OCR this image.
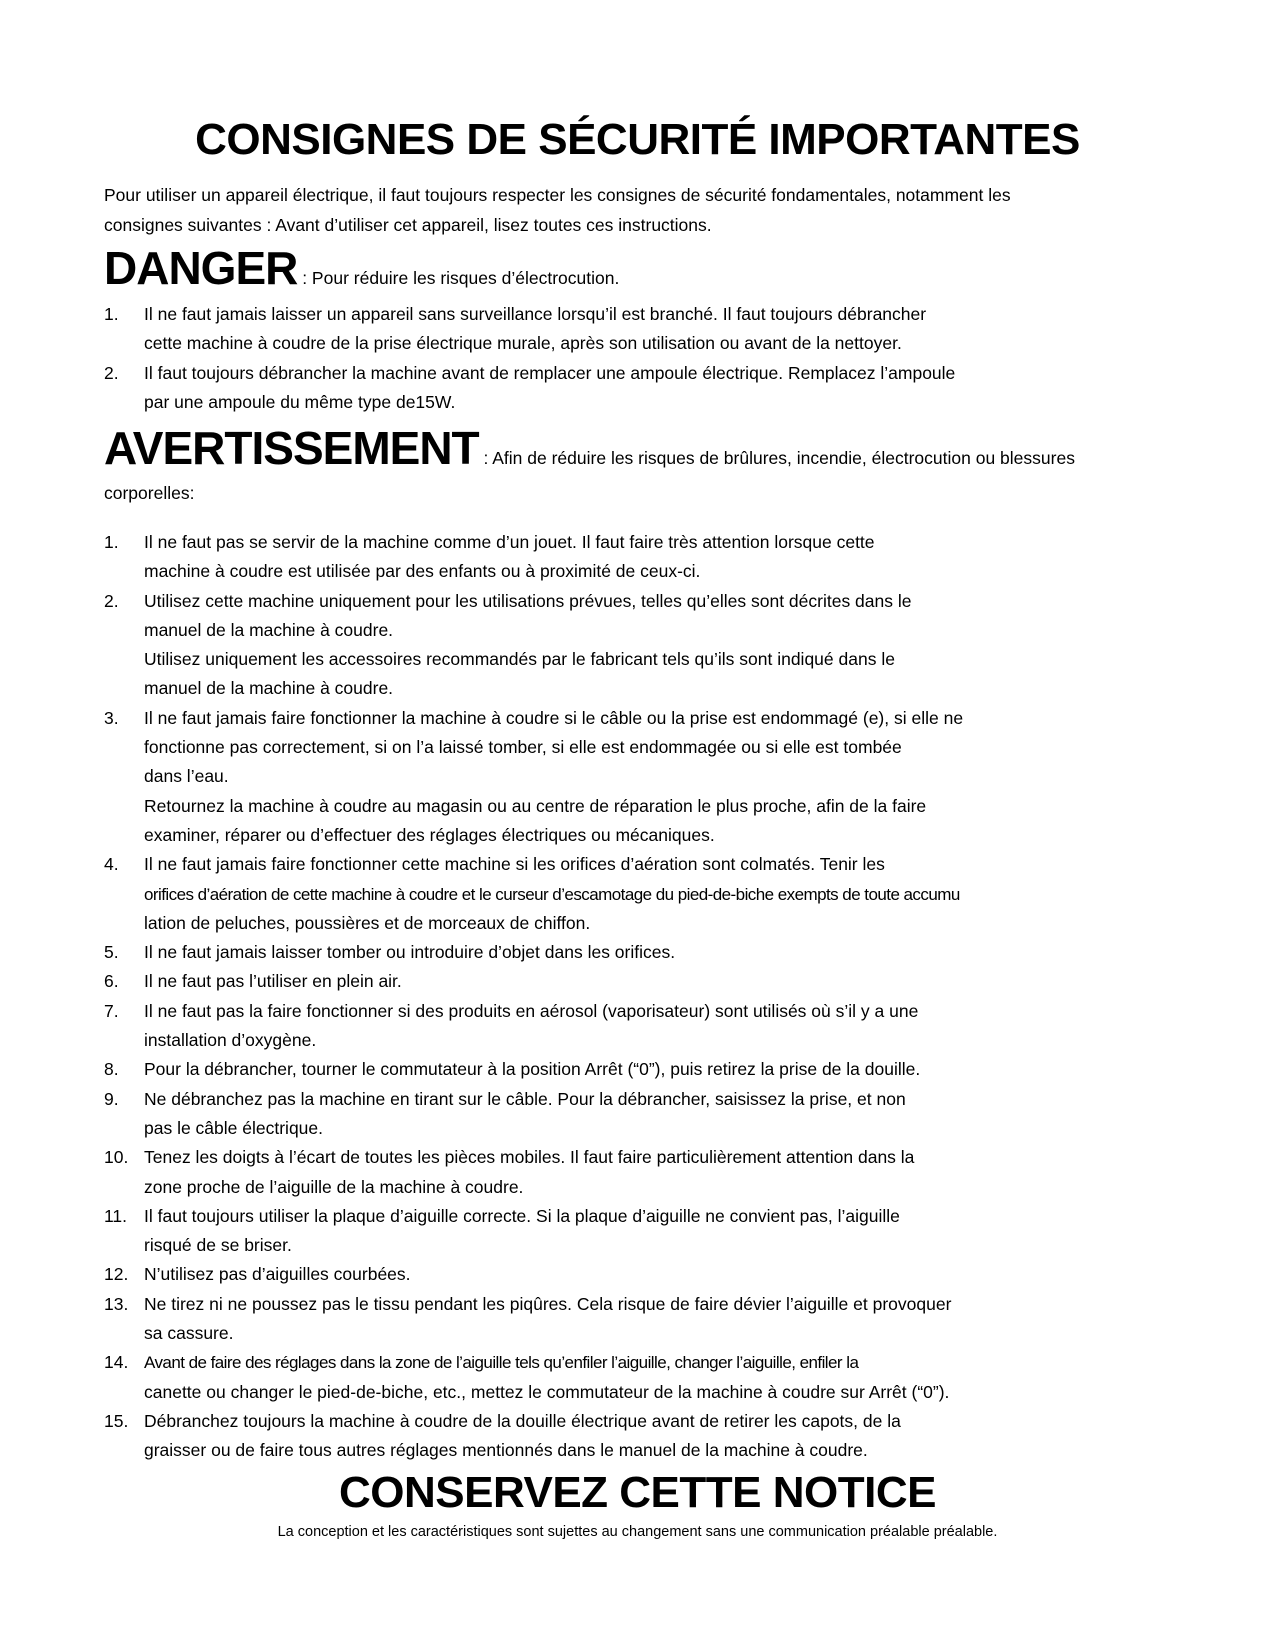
CONSIGNES DE SÉCURITÉ IMPORTANTES

Pour utiliser un appareil électrique, il faut toujours respecter les consignes de sécurité fondamentales, notamment les
consignes suivantes : Avant d’utiliser cet appareil, lisez toutes ces instructions.

DANGER : Pour réduire les risques d’électrocution.

1. Il ne faut jamais laisser un appareil sans surveillance lorsqu’il est branché. Il faut toujours débrancher
cette machine à coudre de la prise électrique murale, après son utilisation ou avant de la nettoyer.
2. Il faut toujours débrancher la machine avant de remplacer une ampoule électrique. Remplacez l’ampoule
par une ampoule du même type de15W.

AVERTISSEMENT : Afin de réduire les risques de brûlures, incendie, électrocution ou blessures

corporelles:

1. Il ne faut pas se servir de la machine comme d’un jouet. Il faut faire très attention lorsque cette
machine à coudre est utilisée par des enfants ou à proximité de ceux-ci.
2. Utilisez cette machine uniquement pour les utilisations prévues, telles qu’elles sont décrites dans le
manuel de la machine à coudre.
Utilisez uniquement les accessoires recommandés par le fabricant tels qu’ils sont indiqué dans le
manuel de la machine à coudre.
3. Il ne faut jamais faire fonctionner la machine à coudre si le câble ou la prise est endommagé (e), si elle ne
fonctionne pas correctement, si on l’a laissé tomber, si elle est endommagée ou si elle est tombée
dans l’eau.
Retournez la machine à coudre au magasin ou au centre de réparation le plus proche, afin de la faire
examiner, réparer ou d’effectuer des réglages électriques ou mécaniques.
4. Il ne faut jamais faire fonctionner cette machine si les orifices d’aération sont colmatés. Tenir les
orifices d’aération de cette machine à coudre et le curseur d’escamotage du pied-de-biche exempts de toute accumu
lation de peluches, poussières et de morceaux de chiffon.
5. Il ne faut jamais laisser tomber ou introduire d’objet dans les orifices.
6. Il ne faut pas l’utiliser en plein air.
7. Il ne faut pas la faire fonctionner si des produits en aérosol (vaporisateur) sont utilisés où s’il y a une
installation d’oxygène.
8. Pour la débrancher, tourner le commutateur à la position Arrêt (“0”), puis retirez la prise de la douille.
9. Ne débranchez pas la machine en tirant sur le câble. Pour la débrancher, saisissez la prise, et non
pas le câble électrique.
10. Tenez les doigts à l’écart de toutes les pièces mobiles. Il faut faire particulièrement attention dans la
zone proche de l’aiguille de la machine à coudre.
11. Il faut toujours utiliser la plaque d’aiguille correcte. Si la plaque d’aiguille ne convient pas, l’aiguille
risqué de se briser.
12. N’utilisez pas d’aiguilles courbées.
13. Ne tirez ni ne poussez pas le tissu pendant les piqûres. Cela risque de faire dévier l’aiguille et provoquer
sa cassure.
14. Avant de faire des réglages dans la zone de l’aiguille tels qu’enfiler l’aiguille, changer l’aiguille, enfiler la
canette ou changer le pied-de-biche, etc., mettez le commutateur de la machine à coudre sur Arrêt (“0”).
15. Débranchez toujours la machine à coudre de la douille électrique avant de retirer les capots, de la
graisser ou de faire tous autres réglages mentionnés dans le manuel de la machine à coudre.
CONSERVEZ CETTE NOTICE

La conception et les caractéristiques sont sujettes au changement sans une communication préalable préalable.
